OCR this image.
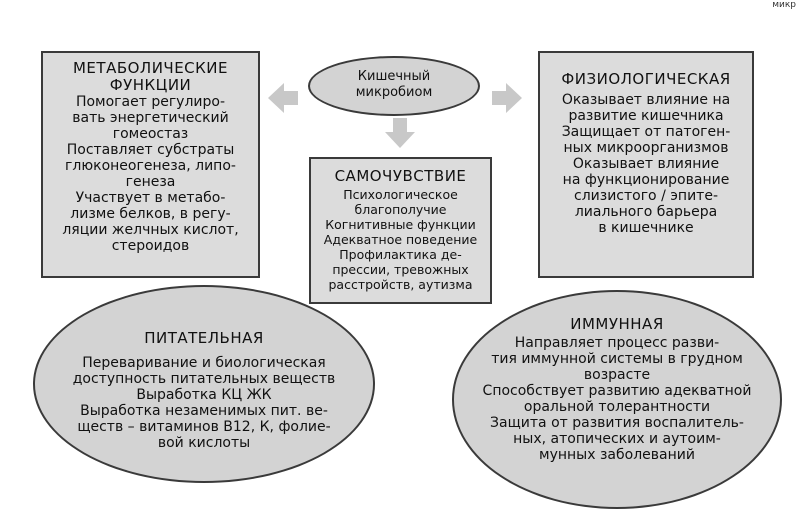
микр
Кишечный
микробиом
МЕТАБОЛИЧЕСКИЕ
ФУНКЦИИ
Помогает регулиро-
вать энергетический
гомеостаз
Поставляет субстраты
глюконеогенеза, липо-
генеза
Участвует в метабо-
лизме белков, в регу-
ляции желчных кислот,
стероидов
ФИЗИОЛОГИЧЕСКАЯ
Оказывает влияние на
развитие кишечника
Защищает от патоген-
ных микроорганизмов
Оказывает влияние
на функционирование
слизистого / эпите-
лиального барьера
в кишечнике
САМОЧУВСТВИЕ
Психологическое
благополучие
Когнитивные функции
Адекватное поведение
Профилактика де-
прессии, тревожных
расстройств, аутизма
ПИТАТЕЛЬНАЯ
Переваривание и биологическая
доступность питательных веществ
Выработка КЦ ЖК
Выработка незаменимых пит. ве-
ществ – витаминов В12, К, фолие-
вой кислоты
ИММУННАЯ
Направляет процесс разви-
тия иммунной системы в грудном
возрасте
Способствует развитию адекватной
оральной толерантности
Защита от развития воспалитель-
ных, атопических и аутоим-
мунных заболеваний
